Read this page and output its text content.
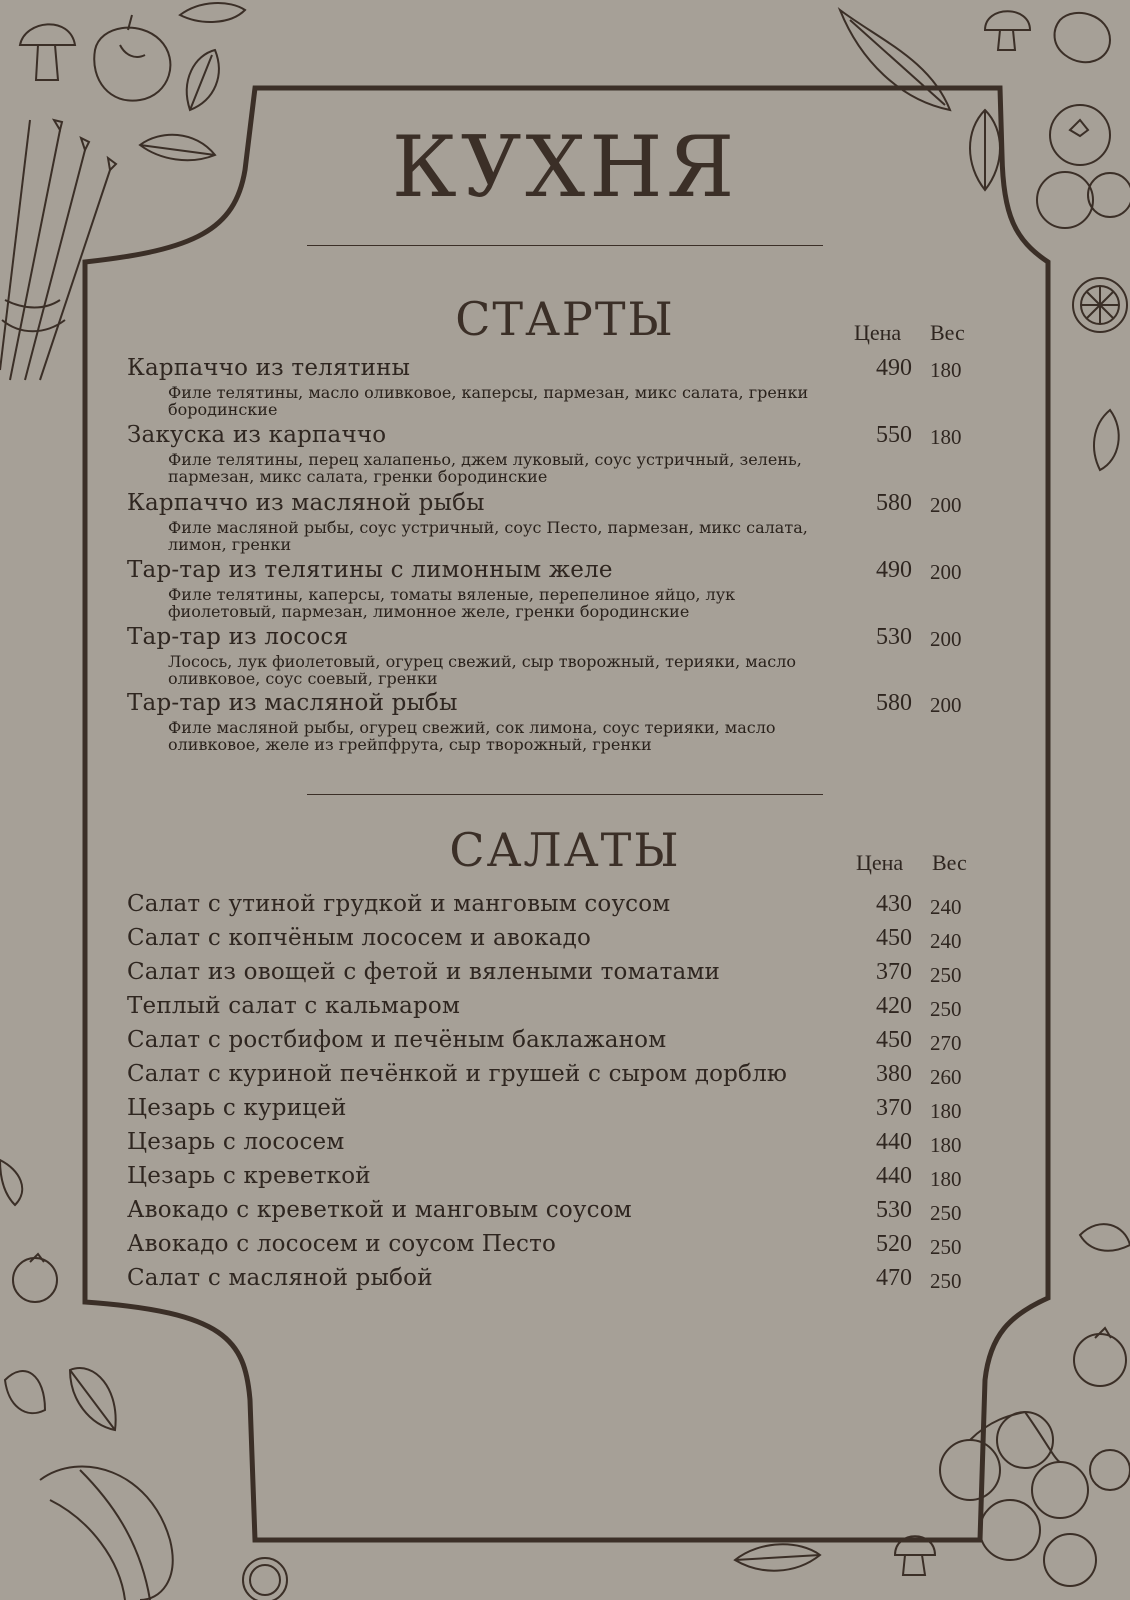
КУХНЯ
СТАРТЫ	Цена Вес
Карпаччо из телятины
Филе телятины, масло оливковое, каперсы, пармезан, микс салата, гренки бородинские
490 180
Закуска из карпаччо
Филе телятины, перец халапеньо, джем луковый, соус устричный, зелень, пармезан, микс салата, гренки бородинские
550 180
Карпаччо из масляной рыбы
Филе масляной рыбы, соус устричный, соус Песто, пармезан, микс салата, лимон, гренки
580 200
Тар-тар из телятины с лимонным желе
Филе телятины, каперсы, томаты вяленые, перепелиное яйцо, лук фиолетовый, пармезан, лимонное желе, гренки бородинские
490 200
Тар-тар из лосося
Лосось, лук фиолетовый, огурец свежий, сыр творожный, терияки, масло оливковое, соус соевый, гренки
530 200
Тар-тар из масляной рыбы
Филе масляной рыбы, огурец свежий, сок лимона, соус терияки, масло оливковое, желе из грейпфрута, сыр творожный, гренки
580 200
САЛАТЫ	Цена Вес
Салат с утиной грудкой и манговым соусом	430 240
Салат с копчёным лососем и авокадо	450 240
Салат из овощей с фетой и вялеными томатами	370 250
Теплый салат с кальмаром	420 250
Салат с ростбифом и печёным баклажаном	450 270
Салат с куриной печёнкой и грушей с сыром дорблю	380 260
Цезарь с курицей	370 180
Цезарь с лососем	440 180
Цезарь с креветкой	440 180
Авокадо с креветкой и манговым соусом	530 250
Авокадо с лососем и соусом Песто	520 250
Салат с масляной рыбой	470 250
